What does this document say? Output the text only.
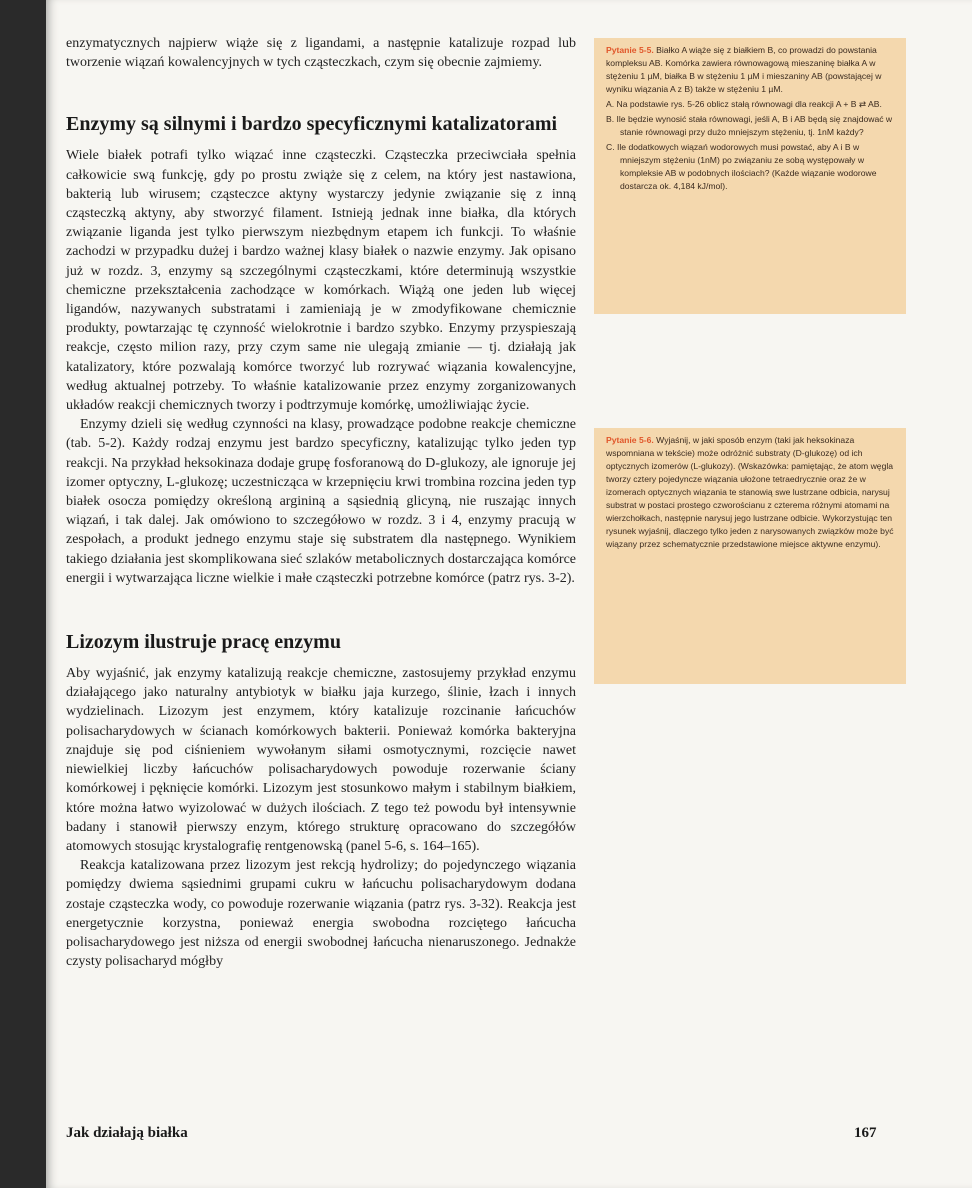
enzymatycznych najpierw wiąże się z ligandami, a następnie katalizuje rozpad lub tworzenie wiązań kowalencyjnych w tych cząsteczkach, czym się obecnie zajmiemy.

Enzymy są silnymi i bardzo specyficznymi katalizatorami

Wiele białek potrafi tylko wiązać inne cząsteczki. Cząsteczka przeciwciała spełnia całkowicie swą funkcję, gdy po prostu zwiąże się z celem, na który jest nastawiona, bakterią lub wirusem; cząsteczce aktyny wystarczy jedynie związanie się z inną cząsteczką aktyny, aby stworzyć filament. Istnieją jednak inne białka, dla których związanie liganda jest tylko pierwszym niezbędnym etapem ich funkcji. To właśnie zachodzi w przypadku dużej i bardzo ważnej klasy białek o nazwie enzymy. Jak opisano już w rozdz. 3, enzymy są szczególnymi cząsteczkami, które determinują wszystkie chemiczne przekształcenia zachodzące w komórkach. Wiążą one jeden lub więcej ligandów, nazywanych substratami i zamieniają je w zmodyfikowane chemicznie produkty, powtarzając tę czynność wielokrotnie i bardzo szybko. Enzymy przyspieszają reakcje, często milion razy, przy czym same nie ulegają zmianie — tj. działają jak katalizatory, które pozwalają komórce tworzyć lub rozrywać wiązania kowalencyjne, według aktualnej potrzeby. To właśnie katalizowanie przez enzymy zorganizowanych układów reakcji chemicznych tworzy i podtrzymuje komórkę, umożliwiając życie.

Enzymy dzieli się według czynności na klasy, prowadzące podobne reakcje chemiczne (tab. 5-2). Każdy rodzaj enzymu jest bardzo specyficzny, katalizując tylko jeden typ reakcji. Na przykład heksokinaza dodaje grupę fosforanową do D-glukozy, ale ignoruje jej izomer optyczny, L-glukozę; uczestnicząca w krzepnięciu krwi trombina rozcina jeden typ białek osocza pomiędzy określoną argininą a sąsiednią glicyną, nie ruszając innych wiązań, i tak dalej. Jak omówiono to szczegółowo w rozdz. 3 i 4, enzymy pracują w zespołach, a produkt jednego enzymu staje się substratem dla następnego. Wynikiem takiego działania jest skomplikowana sieć szlaków metabolicznych dostarczająca komórce energii i wytwarzająca liczne wielkie i małe cząsteczki potrzebne komórce (patrz rys. 3-2).

Lizozym ilustruje pracę enzymu

Aby wyjaśnić, jak enzymy katalizują reakcje chemiczne, zastosujemy przykład enzymu działającego jako naturalny antybiotyk w białku jaja kurzego, ślinie, łzach i innych wydzielinach. Lizozym jest enzymem, który katalizuje rozcinanie łańcuchów polisacharydowych w ścianach komórkowych bakterii. Ponieważ komórka bakteryjna znajduje się pod ciśnieniem wywołanym siłami osmotycznymi, rozcięcie nawet niewielkiej liczby łańcuchów polisacharydowych powoduje rozerwanie ściany komórkowej i pęknięcie komórki. Lizozym jest stosunkowo małym i stabilnym białkiem, które można łatwo wyizolować w dużych ilościach. Z tego też powodu był intensywnie badany i stanowił pierwszy enzym, którego strukturę opracowano do szczegółów atomowych stosując krystalografię rentgenowską (panel 5-6, s. 164–165).

Reakcja katalizowana przez lizozym jest rekcją hydrolizy; do pojedynczego wiązania pomiędzy dwiema sąsiednimi grupami cukru w łańcuchu polisacharydowym dodana zostaje cząsteczka wody, co powoduje rozerwanie wiązania (patrz rys. 3-32). Reakcja jest energetycznie korzystna, ponieważ energia swobodna rozciętego łańcucha polisacharydowego jest niższa od energii swobodnej łańcucha nienaruszonego. Jednakże czysty polisacharyd mógłby

Pytanie 5-5. Białko A wiąże się z białkiem B, co prowadzi do powstania kompleksu AB. Komórka zawiera równowagową mieszaninę białka A w stężeniu 1 µM, białka B w stężeniu 1 µM i mieszaniny AB (powstającej w wyniku wiązania A z B) także w stężeniu 1 µM.

A. Na podstawie rys. 5-26 oblicz stałą równowagi dla reakcji A + B ⇄ AB.

B. Ile będzie wynosić stała równowagi, jeśli A, B i AB będą się znajdować w stanie równowagi przy dużo mniejszym stężeniu, tj. 1nM każdy?

C. Ile dodatkowych wiązań wodorowych musi powstać, aby A i B w mniejszym stężeniu (1nM) po związaniu ze sobą występowały w kompleksie AB w podobnych ilościach? (Każde wiązanie wodorowe dostarcza ok. 4,184 kJ/mol).

Pytanie 5-6. Wyjaśnij, w jaki sposób enzym (taki jak heksokinaza wspomniana w tekście) może odróżnić substraty (D-glukozę) od ich optycznych izomerów (L-glukozy). (Wskazówka: pamiętając, że atom węgla tworzy cztery pojedyncze wiązania ułożone tetraedrycznie oraz że w izomerach optycznych wiązania te stanowią swe lustrzane odbicia, narysuj substrat w postaci prostego czworościanu z czterema różnymi atomami na wierzchołkach, następnie narysuj jego lustrzane odbicie. Wykorzystując ten rysunek wyjaśnij, dlaczego tylko jeden z narysowanych związków może być wiązany przez schematycznie przedstawione miejsce aktywne enzymu).

Jak działają białka	167
